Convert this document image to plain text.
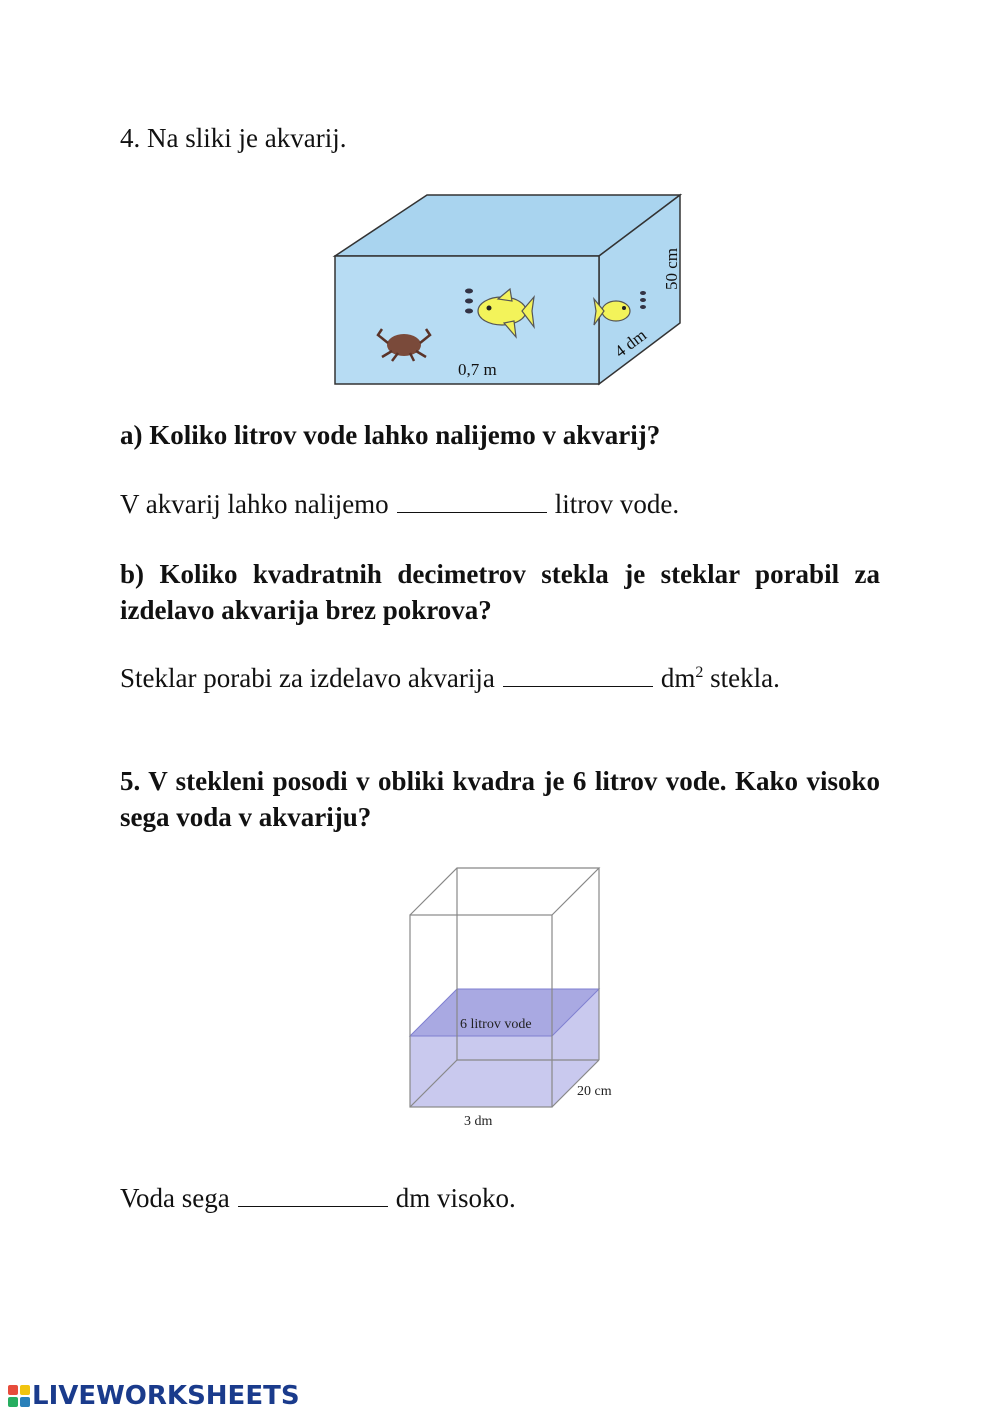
4. Na sliki je akvarij.
0,7 m
4 dm
50 cm
a) Koliko litrov vode lahko nalijemo v akvarij?
V akvarij lahko nalijemo	litrov vode.
b) Koliko kvadratnih decimetrov stekla je steklar porabil za izdelavo akvarija brez pokrova?
Steklar porabi za izdelavo akvarija	$dm^2$ stekla.
5. V stekleni posodi v obliki kvadra je 6 litrov vode. Kako visoko sega voda v akvariju?
6 litrov vode
20 cm
3 dm
Voda sega	dm visoko.
LIVEWORKSHEETS
